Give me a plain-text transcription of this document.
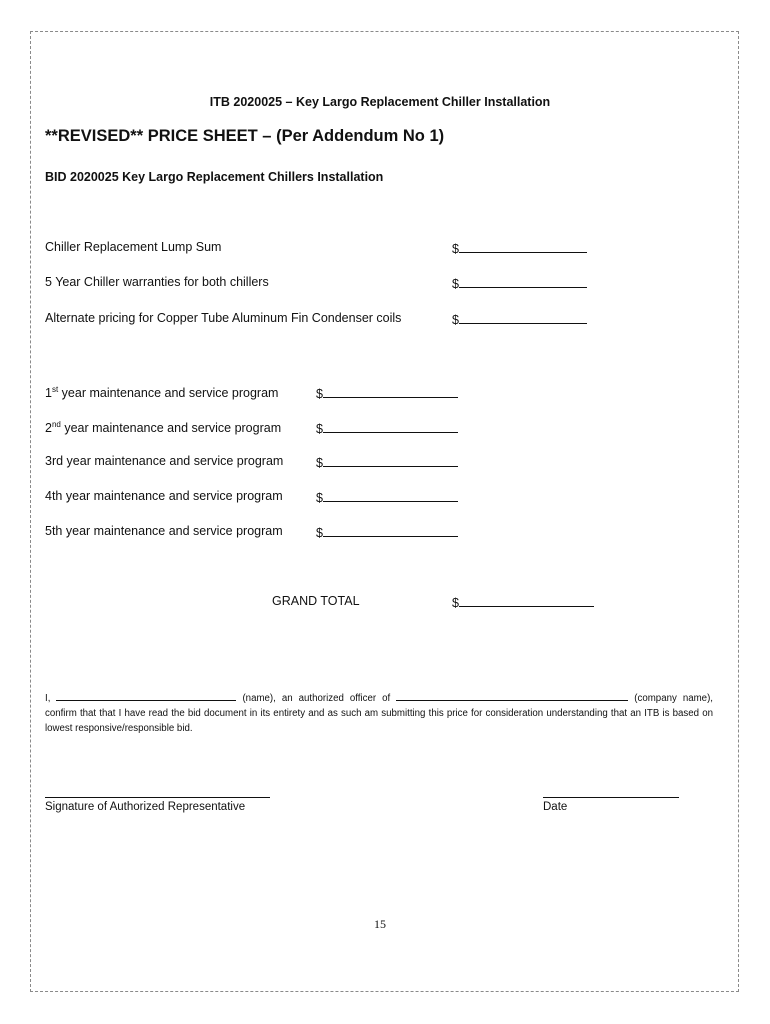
ITB 2020025 – Key Largo Replacement Chiller Installation
**REVISED** PRICE SHEET – (Per Addendum No 1)
BID 2020025 Key Largo Replacement Chillers Installation
Chiller Replacement Lump Sum	$
5 Year Chiller warranties for both chillers	$
Alternate pricing for Copper Tube Aluminum Fin Condenser coils	$
1st year maintenance and service program	$
2nd year maintenance and service program	$
3rd year maintenance and service program	$
4th year maintenance and service program	$
5th year maintenance and service program	$
GRAND TOTAL	$
I,	(name), an authorized officer of	(company name), confirm that that I have read the bid document in its entirety and as such am submitting this price for consideration understanding that an ITB is based on lowest responsive/responsible bid.
Signature of Authorized Representative	Date
15
